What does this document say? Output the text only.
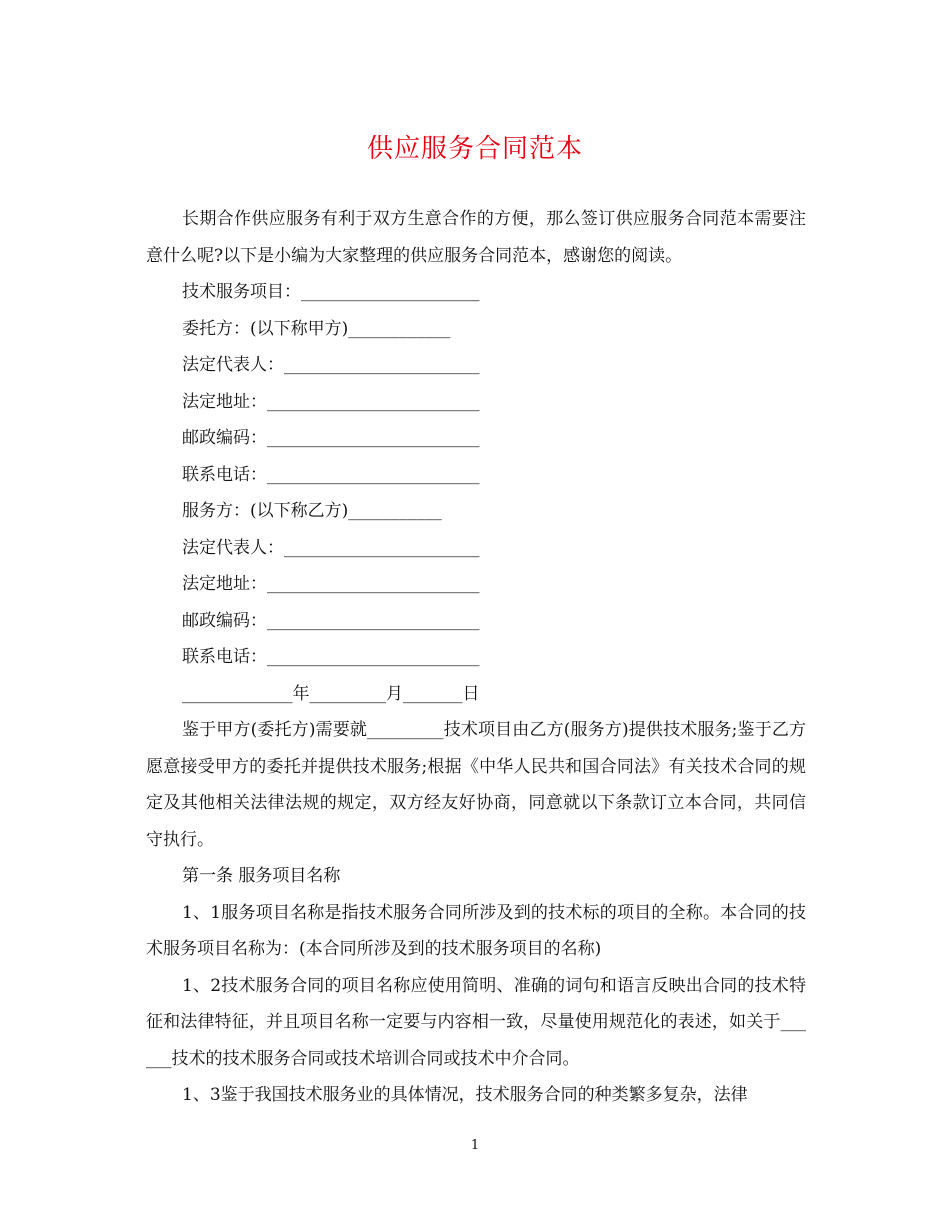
供应服务合同范本

长期合作供应服务有利于双方生意合作的方便，那么签订供应服务合同范本需要注意什么呢?以下是小编为大家整理的供应服务合同范本，感谢您的阅读。

技术服务项目：_____________________

委托方：(以下称甲方)____________

法定代表人：_______________________

法定地址：_________________________

邮政编码：_________________________

联系电话：_________________________

服务方：(以下称乙方)___________

法定代表人：_______________________

法定地址：_________________________

邮政编码：_________________________

联系电话：_________________________

_____________年_________月_______日

鉴于甲方(委托方)需要就_________技术项目由乙方(服务方)提供技术服务;鉴于乙方愿意接受甲方的委托并提供技术服务;根据《中华人民共和国合同法》有关技术合同的规定及其他相关法律法规的规定，双方经友好协商，同意就以下条款订立本合同，共同信守执行。

第一条 服务项目名称

1、1服务项目名称是指技术服务合同所涉及到的技术标的项目的全称。本合同的技术服务项目名称为：(本合同所涉及到的技术服务项目的名称)

1、2技术服务合同的项目名称应使用简明、准确的词句和语言反映出合同的技术特征和法律特征，并且项目名称一定要与内容相一致，尽量使用规范化的表述，如关于______技术的技术服务合同或技术培训合同或技术中介合同。

1、3鉴于我国技术服务业的具体情况，技术服务合同的种类繁多复杂，法律

1
